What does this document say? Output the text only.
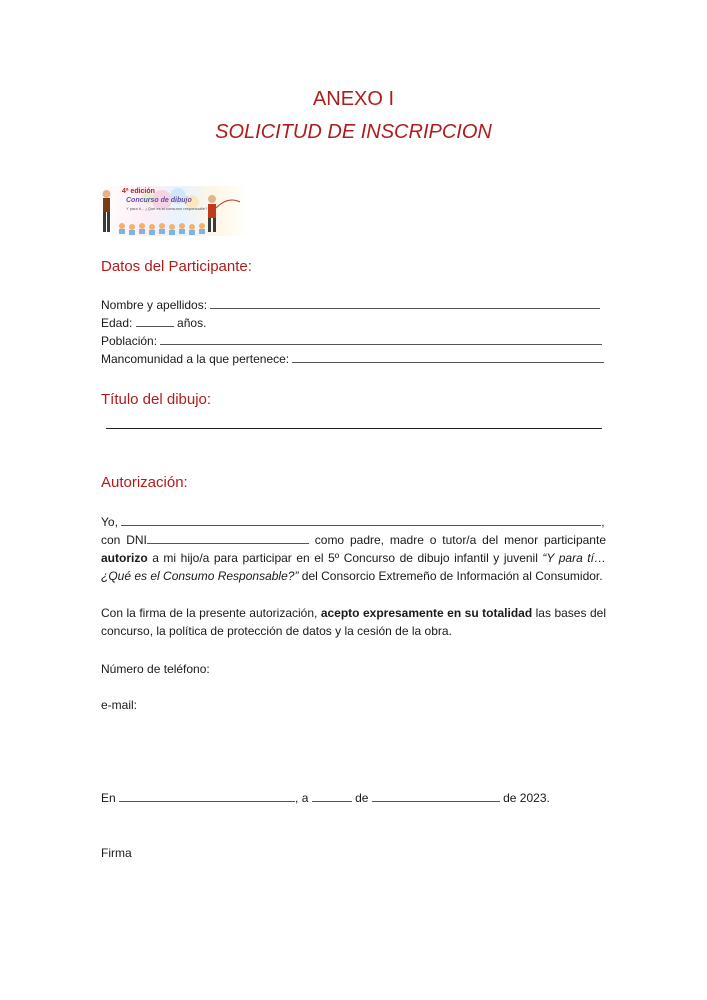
ANEXO I
SOLICITUD DE INSCRIPCION
4ª edición
Concurso de dibujo
Y para ti... ¿Qué es el consumo responsable?
Datos del Participante:
Nombre y apellidos:
Edad:	años.
Población:
Mancomunidad a la que pertenece:
Título del dibujo:
Autorización:
Yo,	,
con DNI	como padre, madre o tutor/a del menor participante autorizo a mi hijo/a para participar en el 5º Concurso de dibujo infantil y juvenil “Y para tí… ¿Qué es el Consumo Responsable?” del Consorcio Extremeño de Información al Consumidor.
Con la firma de la presente autorización, acepto expresamente en su totalidad las bases del concurso, la política de protección de datos y la cesión de la obra.
Número de teléfono:
e-mail:
En	, a	de	de 2023.
Firma
